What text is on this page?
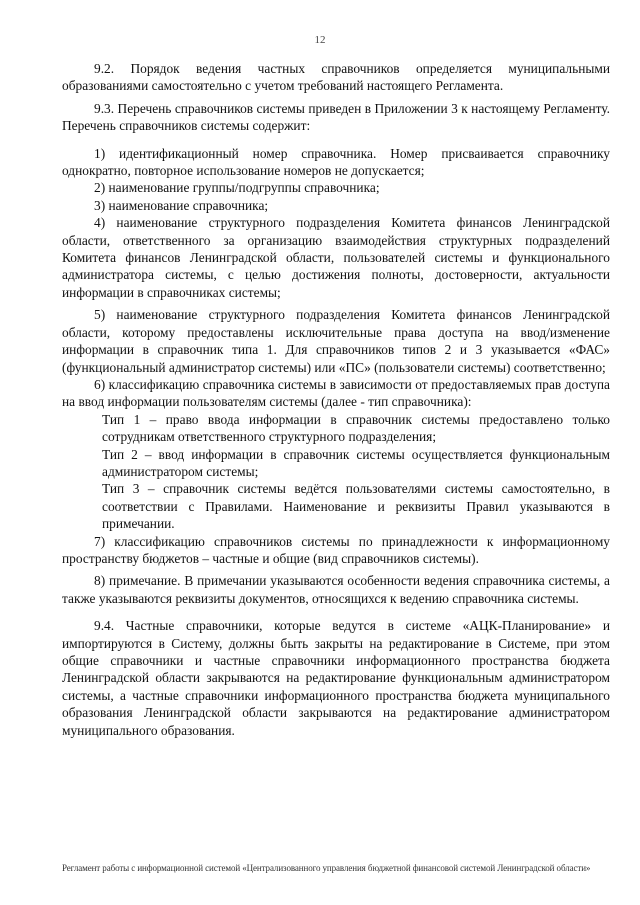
12

9.2. Порядок ведения частных справочников определяется муниципальными образованиями самостоятельно с учетом требований настоящего Регламента.

9.3. Перечень справочников системы приведен в Приложении 3 к настоящему Регламенту. Перечень справочников системы содержит:

1) идентификационный номер справочника. Номер присваивается справочнику однократно, повторное использование номеров не допускается;

2) наименование группы/подгруппы справочника;

3) наименование справочника;

4) наименование структурного подразделения Комитета финансов Ленинградской области, ответственного за организацию взаимодействия структурных подразделений Комитета финансов Ленинградской области, пользователей системы и функционального администратора системы, с целью достижения полноты, достоверности, актуальности информации в справочниках системы;

5) наименование структурного подразделения Комитета финансов Ленинградской области, которому предоставлены исключительные права доступа на ввод/изменение информации в справочник типа 1. Для справочников типов 2 и 3 указывается «ФАС» (функциональный администратор системы) или «ПС» (пользователи системы) соответственно;

6) классификацию справочника системы в зависимости от предоставляемых прав доступа на ввод информации пользователям системы (далее - тип справочника):

Тип 1 – право ввода информации в справочник системы предоставлено только сотрудникам ответственного структурного подразделения;

Тип 2 – ввод информации в справочник системы осуществляется функциональным администратором системы;

Тип 3 – справочник системы ведётся пользователями системы самостоятельно, в соответствии с Правилами. Наименование и реквизиты Правил указываются в примечании.

7) классификацию справочников системы по принадлежности к информационному пространству бюджетов – частные и общие (вид справочников системы).

8) примечание. В примечании указываются особенности ведения справочника системы, а также указываются реквизиты документов, относящихся к ведению справочника системы.

9.4. Частные справочники, которые ведутся в системе «АЦК-Планирование» и импортируются в Систему, должны быть закрыты на редактирование в Системе, при этом общие справочники и частные справочники информационного пространства бюджета Ленинградской области закрываются на редактирование функциональным администратором системы, а частные справочники информационного пространства бюджета муниципального образования Ленинградской области закрываются на редактирование администратором муниципального образования.

Регламент работы с информационной системой «Централизованного управления бюджетной финансовой системой Ленинградской области»
